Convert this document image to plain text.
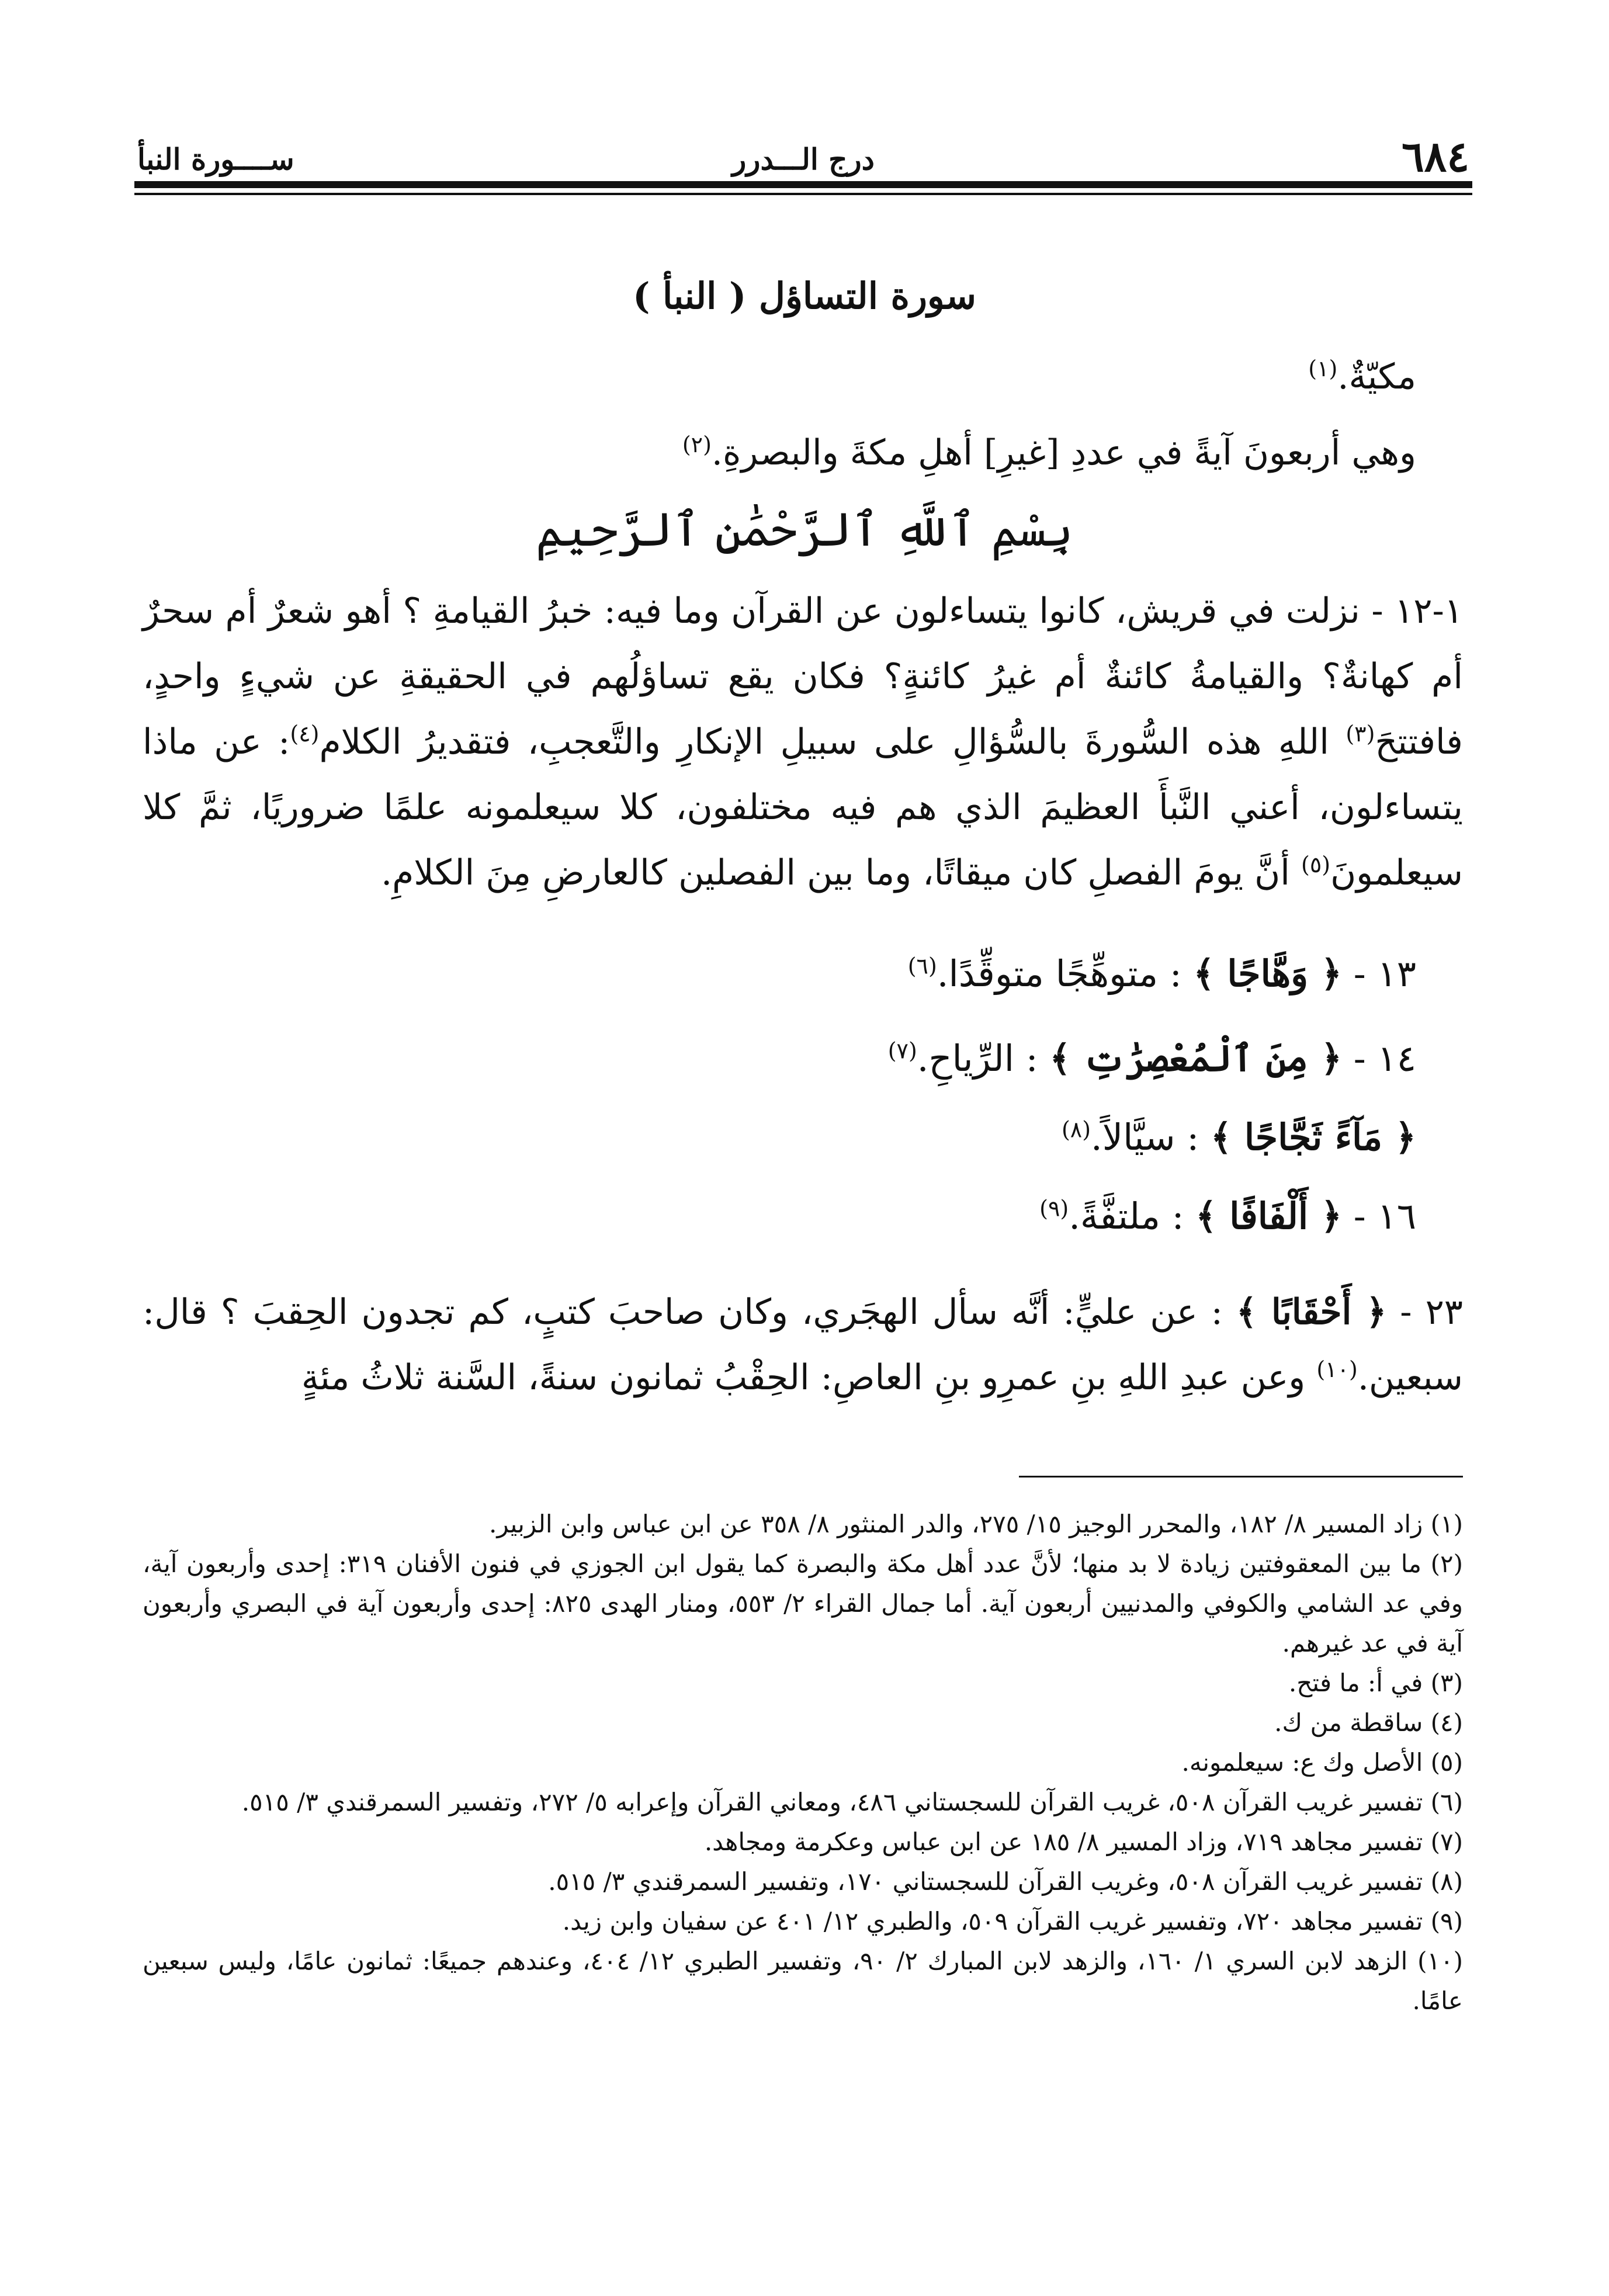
٦٨٤
درج الـــدرر
ســــورة النبأ
سورة التساؤل ( النبأ )
مكيّةٌ.$^{(١)}$
وهي أربعونَ آيةً في عددِ [غيرِ] أهلِ مكةَ والبصرةِ.$^{(٢)}$
بِسْمِ ٱللَّهِ ٱلرَّحْمَٰنِ ٱلرَّحِيمِ
١-١٢ - نزلت في قريش، كانوا يتساءلون عن القرآن وما فيه: خبرُ القيامةِ ؟ أهو شعرٌ أم سحرٌ أم كهانةٌ؟ والقيامةُ كائنةٌ أم غيرُ كائنةٍ؟ فكان يقع تساؤلُهم في الحقيقةِ عن شيءٍ واحدٍ، فافتتحَ$^{(٣)}$ اللهِ هذه السُّورةَ بالسُّؤالِ على سبيلِ الإنكارِ والتَّعجبِ، فتقديرُ الكلام$^{(٤)}$: عن ماذا يتساءلون، أعني النَّبأَ العظيمَ الذي هم فيه مختلفون، كلا سيعلمونه علمًا ضروريًا، ثمَّ كلا سيعلمونَ$^{(٥)}$ أنَّ يومَ الفصلِ كان ميقاتًا، وما بين الفصلين كالعارضِ مِنَ الكلامِ.
١٣ - ﴿ وَهَّاجًا ﴾ : متوهِّجًا متوقِّدًا.$^{(٦)}$
١٤ - ﴿ مِنَ ٱلْمُعْصِرَٰتِ ﴾ : الرِّياحِ.$^{(٧)}$
﴿ مَآءً ثَجَّاجًا ﴾ : سيَّالاً.$^{(٨)}$
١٦ - ﴿ أَلْفَافًا ﴾ : ملتفَّةً.$^{(٩)}$
٢٣ - ﴿ أَحْقَابًا ﴾ : عن عليٍّ: أنَّه سأل الهجَري، وكان صاحبَ كتبٍ، كم تجدون الحِقبَ ؟ قال: سبعين.$^{(١٠)}$ وعن عبدِ اللهِ بنِ عمرِو بنِ العاصِ: الحِقْبُ ثمانون سنةً، السَّنة ثلاثُ مئةٍ

(١) زاد المسير ٨/ ١٨٢، والمحرر الوجيز ١٥/ ٢٧٥، والدر المنثور ٨/ ٣٥٨ عن ابن عباس وابن الزبير.

(٢) ما بين المعقوفتين زيادة لا بد منها؛ لأنَّ عدد أهل مكة والبصرة كما يقول ابن الجوزي في فنون الأفنان ٣١٩: إحدى وأربعون آية، وفي عد الشامي والكوفي والمدنيين أربعون آية. أما جمال القراء ٢/ ٥٥٣، ومنار الهدى ٨٢٥: إحدى وأربعون آية في البصري وأربعون آية في عد غيرهم.

(٣) في أ: ما فتح.

(٤) ساقطة من ك.

(٥) الأصل وك ع: سيعلمونه.

(٦) تفسير غريب القرآن ٥٠٨، غريب القرآن للسجستاني ٤٨٦، ومعاني القرآن وإعرابه ٥/ ٢٧٢، وتفسير السمرقندي ٣/ ٥١٥.

(٧) تفسير مجاهد ٧١٩، وزاد المسير ٨/ ١٨٥ عن ابن عباس وعكرمة ومجاهد.

(٨) تفسير غريب القرآن ٥٠٨، وغريب القرآن للسجستاني ١٧٠، وتفسير السمرقندي ٣/ ٥١٥.

(٩) تفسير مجاهد ٧٢٠، وتفسير غريب القرآن ٥٠٩، والطبري ١٢/ ٤٠١ عن سفيان وابن زيد.

(١٠) الزهد لابن السري ١/ ١٦٠، والزهد لابن المبارك ٢/ ٩٠، وتفسير الطبري ١٢/ ٤٠٤، وعندهم جميعًا: ثمانون عامًا، وليس سبعين عامًا.
